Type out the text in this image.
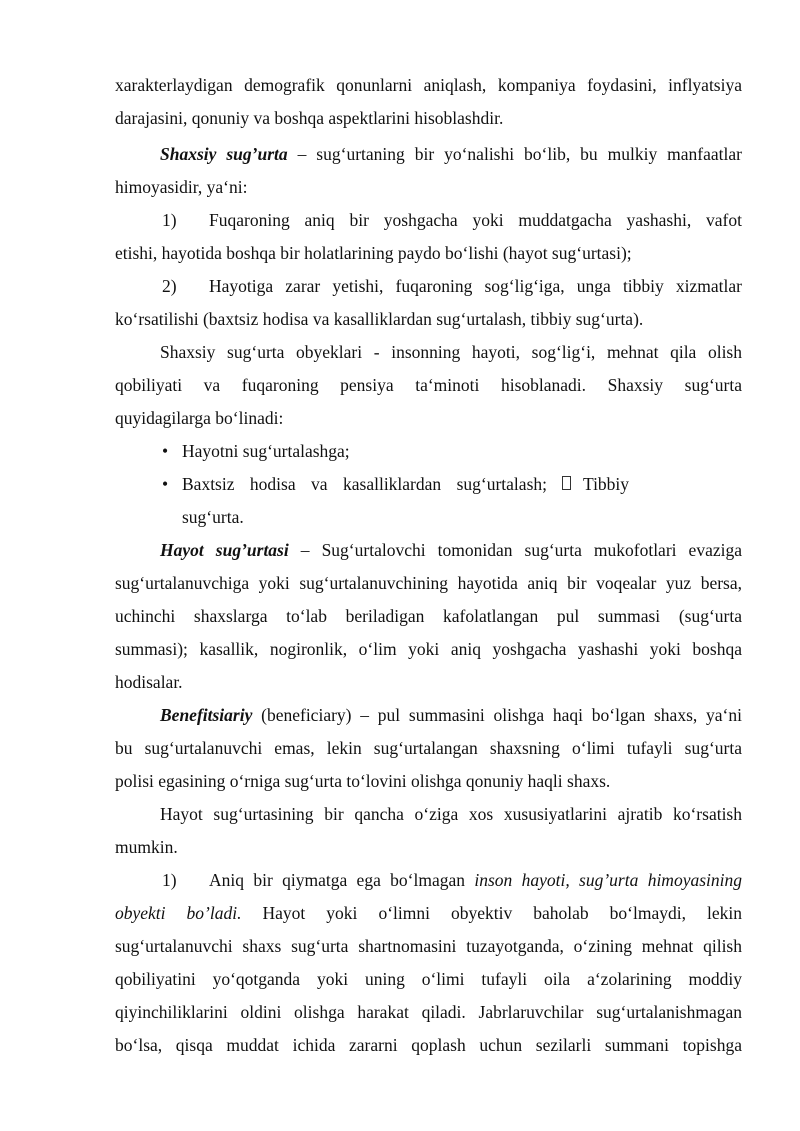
xarakterlaydigan demografik qonunlarni aniqlash, kompaniya foydasini, inflyatsiya
darajasini, qonuniy va boshqa aspektlarini hisoblashdir.
Shaxsiy sug’urta – sug‘urtaning bir yo‘nalishi bo‘lib, bu mulkiy manfaatlar
himoyasidir, ya‘ni:
1) Fuqaroning aniq bir yoshgacha yoki muddatgacha yashashi, vafot
etishi, hayotida boshqa bir holatlarining paydo bo‘lishi (hayot sug‘urtasi);
2) Hayotiga zarar yetishi, fuqaroning sog‘lig‘iga, unga tibbiy xizmatlar
ko‘rsatilishi (baxtsiz hodisa va kasalliklardan sug‘urtalash, tibbiy sug‘urta).
Shaxsiy sug‘urta obyeklari - insonning hayoti, sog‘lig‘i, mehnat qila olish
qobiliyati va fuqaroning pensiya ta‘minoti hisoblanadi. Shaxsiy sug‘urta
quyidagilarga bo‘linadi:
• Hayotni sug‘urtalashga;
• Baxtsiz hodisa va kasalliklardan sug‘urtalash; Tibbiy
sug‘urta.
Hayot sug’urtasi – Sug‘urtalovchi tomonidan sug‘urta mukofotlari evaziga
sug‘urtalanuvchiga yoki sug‘urtalanuvchining hayotida aniq bir voqealar yuz bersa,
uchinchi shaxslarga to‘lab beriladigan kafolatlangan pul summasi (sug‘urta
summasi); kasallik, nogironlik, o‘lim yoki aniq yoshgacha yashashi yoki boshqa
hodisalar.
Benefitsiariy (beneficiary) – pul summasini olishga haqi bo‘lgan shaxs, ya‘ni
bu sug‘urtalanuvchi emas, lekin sug‘urtalangan shaxsning o‘limi tufayli sug‘urta
polisi egasining o‘rniga sug‘urta to‘lovini olishga qonuniy haqli shaxs.
Hayot sug‘urtasining bir qancha o‘ziga xos xususiyatlarini ajratib ko‘rsatish
mumkin.
1) Aniq bir qiymatga ega bo‘lmagan inson hayoti, sug’urta himoyasining
obyekti bo’ladi. Hayot yoki o‘limni obyektiv baholab bo‘lmaydi, lekin
sug‘urtalanuvchi shaxs sug‘urta shartnomasini tuzayotganda, o‘zining mehnat qilish
qobiliyatini yo‘qotganda yoki uning o‘limi tufayli oila a‘zolarining moddiy
qiyinchiliklarini oldini olishga harakat qiladi. Jabrlaruvchilar sug‘urtalanishmagan
bo‘lsa, qisqa muddat ichida zararni qoplash uchun sezilarli summani topishga
